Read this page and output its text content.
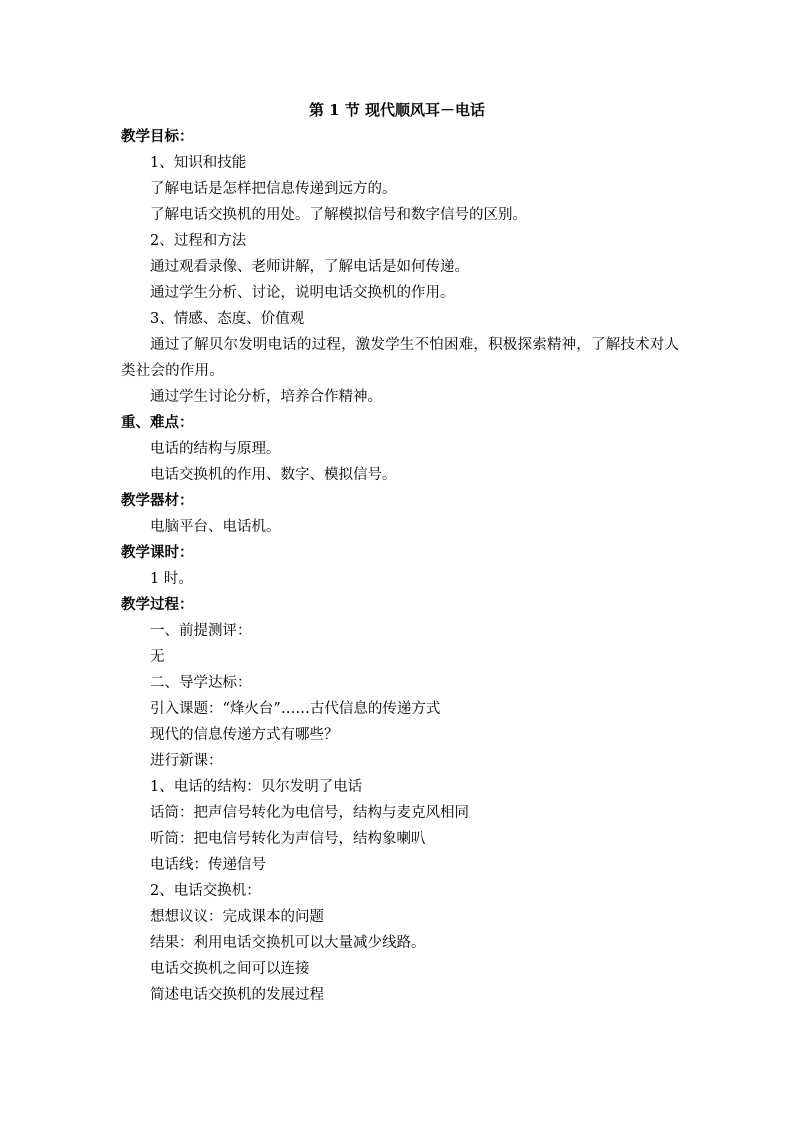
第 1 节 现代顺风耳－电话
教学目标：
1、知识和技能
了解电话是怎样把信息传递到远方的。
了解电话交换机的用处。了解模拟信号和数字信号的区别。
2、过程和方法
通过观看录像、老师讲解，了解电话是如何传递。
通过学生分析、讨论，说明电话交换机的作用。
3、情感、态度、价值观
通过了解贝尔发明电话的过程，激发学生不怕困难，积极探索精神，了解技术对人类社会的作用。
通过学生讨论分析，培养合作精神。
重、难点：
电话的结构与原理。
电话交换机的作用、数字、模拟信号。
教学器材：
电脑平台、电话机。
教学课时：
1 时。
教学过程：
一、前提测评：
无
二、导学达标：
引入课题：“烽火台”……古代信息的传递方式
现代的信息传递方式有哪些？
进行新课：
1、电话的结构：贝尔发明了电话
话筒：把声信号转化为电信号，结构与麦克风相同
听筒：把电信号转化为声信号，结构象喇叭
电话线：传递信号
2、电话交换机：
想想议议：完成课本的问题
结果：利用电话交换机可以大量减少线路。
电话交换机之间可以连接
简述电话交换机的发展过程
